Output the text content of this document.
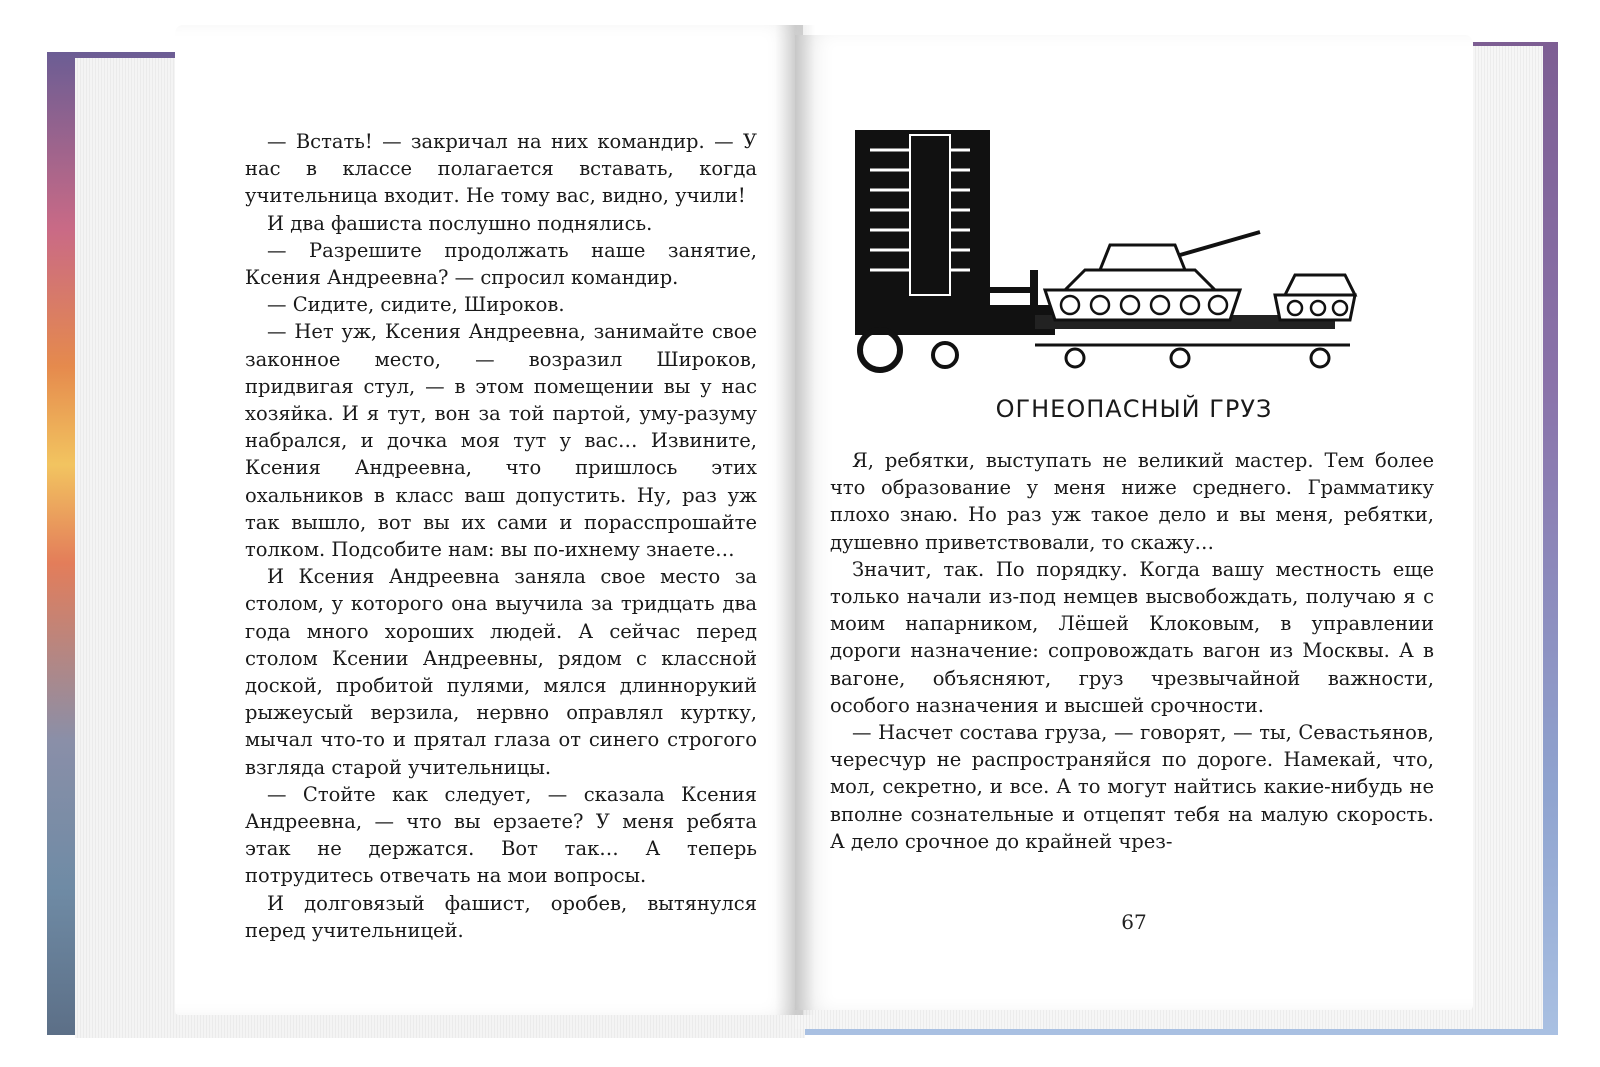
— Встать! — закричал на них командир. — У нас в классе полагается вставать, когда учительница входит. Не тому вас, видно, учили!

И два фашиста послушно поднялись.

— Разрешите продолжать наше занятие, Ксения Андреевна? — спросил командир.

— Сидите, сидите, Широков.

— Нет уж, Ксения Андреевна, занимайте свое законное место, — возразил Широков, придвигая стул, — в этом помещении вы у нас хозяйка. И я тут, вон за той партой, уму-разуму набрался, и дочка моя тут у вас… Извините, Ксения Андреевна, что пришлось этих охальников в класс ваш допустить. Ну, раз уж так вышло, вот вы их сами и порасспрошайте толком. Подсобите нам: вы по-ихнему знаете…

И Ксения Андреевна заняла свое место за столом, у которого она выучила за тридцать два года много хороших людей. А сейчас перед столом Ксении Андреевны, рядом с классной доской, пробитой пулями, мялся длиннорукий рыжеусый верзила, нервно оправлял куртку, мычал что-то и прятал глаза от синего строгого взгляда старой учительницы.

— Стойте как следует, — сказала Ксения Андреевна, — что вы ерзаете? У меня ребята этак не держатся. Вот так… А теперь потрудитесь отвечать на мои вопросы.

И долговязый фашист, оробев, вытянулся перед учительницей.

ОГНЕОПАСНЫЙ ГРУЗ

Я, ребятки, выступать не великий мастер. Тем более что образование у меня ниже среднего. Грамматику плохо знаю. Но раз уж такое дело и вы меня, ребятки, душевно приветствовали, то скажу…

Значит, так. По порядку. Когда вашу местность еще только начали из-под немцев высвобождать, получаю я с моим напарником, Лёшей Клоковым, в управлении дороги назначение: сопровождать вагон из Москвы. А в вагоне, объясняют, груз чрезвычайной важности, особого назначения и высшей срочности.

— Насчет состава груза, — говорят, — ты, Севастьянов, чересчур не распространяйся по дороге. Намекай, что, мол, секретно, и все. А то могут найтись какие-нибудь не вполне сознательные и отцепят тебя на малую скорость. А дело срочное до крайней чрез-

67
